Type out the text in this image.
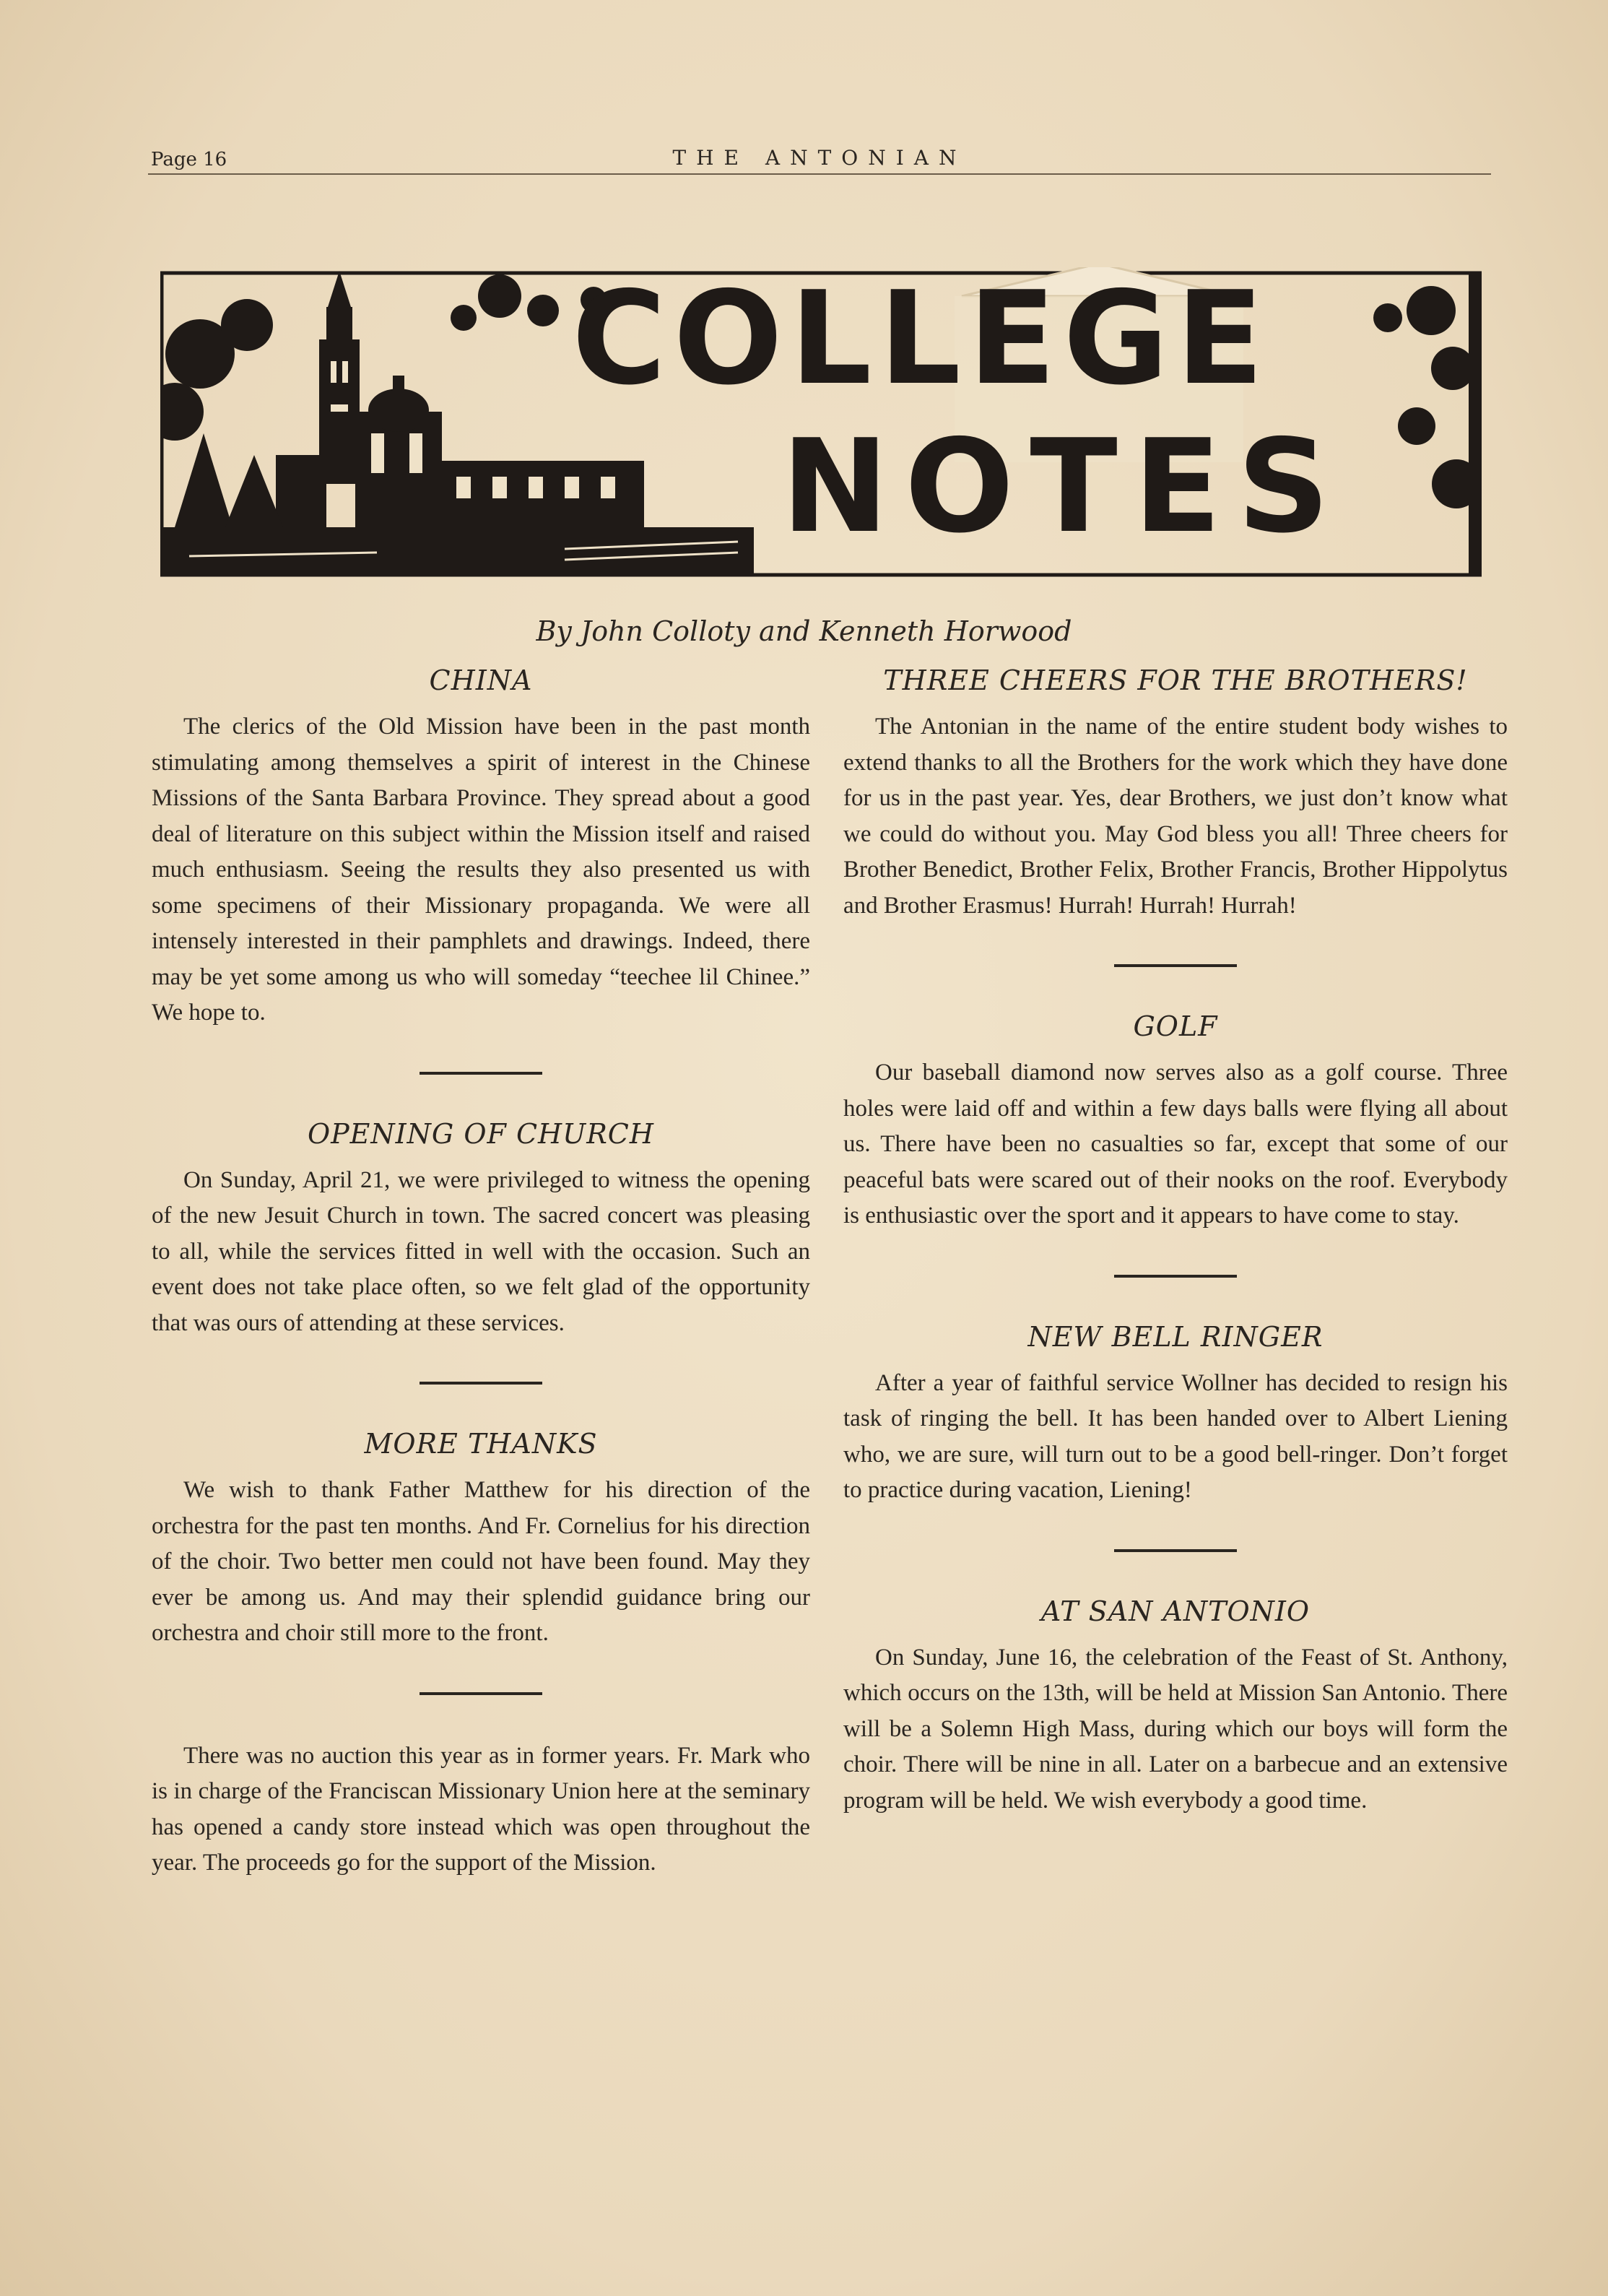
Page 16	THE ANTONIAN
COLLEGE
NOTES
By John Colloty and Kenneth Horwood
CHINA

The clerics of the Old Mission have been in the past month stimulating among themselves a spirit of interest in the Chinese Missions of the Santa Barbara Province. They spread about a good deal of literature on this subject within the Mission itself and raised much enthusiasm. Seeing the results they also presented us with some specimens of their Missionary propaganda. We were all intensely interested in their pamphlets and drawings. Indeed, there may be yet some among us who will someday “teechee lil Chinee.” We hope to.

OPENING OF CHURCH

On Sunday, April 21, we were privileged to witness the opening of the new Jesuit Church in town. The sacred concert was pleasing to all, while the services fitted in well with the occasion. Such an event does not take place often, so we felt glad of the opportunity that was ours of attending at these services.

MORE THANKS

We wish to thank Father Matthew for his direction of the orchestra for the past ten months. And Fr. Cornelius for his direction of the choir. Two better men could not have been found. May they ever be among us. And may their splendid guidance bring our orchestra and choir still more to the front.

There was no auction this year as in former years. Fr. Mark who is in charge of the Franciscan Missionary Union here at the seminary has opened a candy store instead which was open throughout the year. The proceeds go for the support of the Mission.

THREE CHEERS FOR THE BROTHERS!

The Antonian in the name of the entire student body wishes to extend thanks to all the Brothers for the work which they have done for us in the past year. Yes, dear Brothers, we just don’t know what we could do without you. May God bless you all! Three cheers for Brother Benedict, Brother Felix, Brother Francis, Brother Hippolytus and Brother Erasmus! Hurrah! Hurrah! Hurrah!

GOLF

Our baseball diamond now serves also as a golf course. Three holes were laid off and within a few days balls were flying all about us. There have been no casualties so far, except that some of our peaceful bats were scared out of their nooks on the roof. Everybody is enthusiastic over the sport and it appears to have come to stay.

NEW BELL RINGER

After a year of faithful service Wollner has decided to resign his task of ringing the bell. It has been handed over to Albert Liening who, we are sure, will turn out to be a good bell-ringer. Don’t forget to practice during vacation, Liening!

AT SAN ANTONIO

On Sunday, June 16, the celebration of the Feast of St. Anthony, which occurs on the 13th, will be held at Mission San Antonio. There will be a Solemn High Mass, during which our boys will form the choir. There will be nine in all. Later on a barbecue and an extensive program will be held. We wish everybody a good time.
